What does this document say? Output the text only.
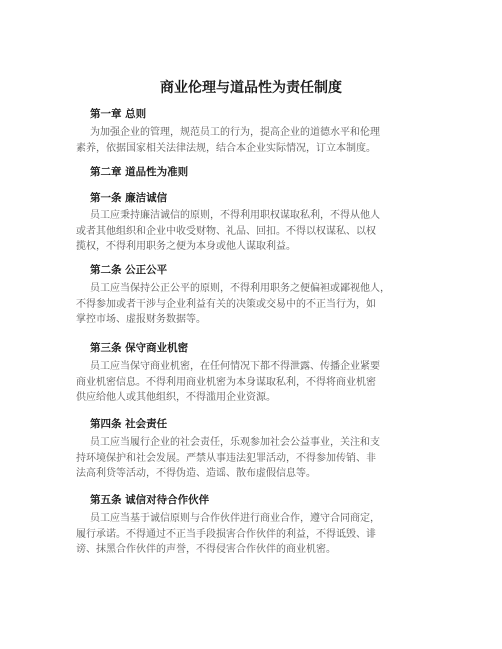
商业伦理与道品性为责任制度
第一章 总则
为加强企业的管理，规范员工的行为，提高企业的道德水平和伦理
素养，依据国家相关法律法规，结合本企业实际情况，订立本制度。
第二章 道品性为准则
第一条 廉洁诚信
员工应秉持廉洁诚信的原则，不得利用职权谋取私利，不得从他人
或者其他组织和企业中收受财物、礼品、回扣。不得以权谋私、以权
揽权，不得利用职务之便为本身或他人谋取利益。
第二条 公正公平
员工应当保持公正公平的原则，不得利用职务之便偏袒或鄙视他人，
不得参加或者干涉与企业利益有关的决策或交易中的不正当行为，如
掌控市场、虚报财务数据等。
第三条 保守商业机密
员工应当保守商业机密，在任何情况下都不得泄露、传播企业紧要
商业机密信息。不得利用商业机密为本身谋取私利，不得将商业机密
供应给他人或其他组织，不得滥用企业资源。
第四条 社会责任
员工应当履行企业的社会责任，乐观参加社会公益事业，关注和支
持环境保护和社会发展。严禁从事违法犯罪活动，不得参加传销、非
法高利贷等活动，不得伪造、造谣、散布虚假信息等。
第五条 诚信对待合作伙伴
员工应当基于诚信原则与合作伙伴进行商业合作，遵守合同商定，
履行承诺。不得通过不正当手段损害合作伙伴的利益，不得诋毁、诽
谤、抹黑合作伙伴的声誉，不得侵害合作伙伴的商业机密。
